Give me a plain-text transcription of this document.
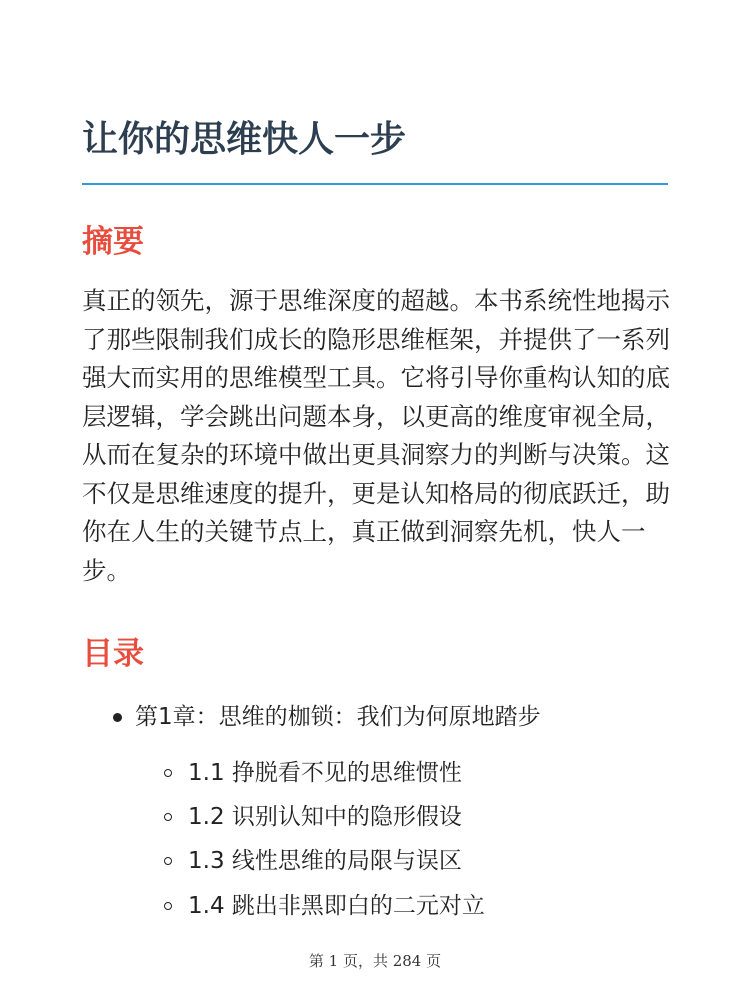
让你的思维快人一步
摘要

真正的领先，源于思维深度的超越。本书系统性地揭示了那些限制我们成长的隐形思维框架，并提供了一系列强大而实用的思维模型工具。它将引导你重构认知的底层逻辑，学会跳出问题本身，以更高的维度审视全局，从而在复杂的环境中做出更具洞察力的判断与决策。这不仅是思维速度的提升，更是认知格局的彻底跃迁，助你在人生的关键节点上，真正做到洞察先机，快人一步。

目录
第1章：思维的枷锁：我们为何原地踏步
1.1 挣脱看不见的思维惯性
1.2 识别认知中的隐形假设
1.3 线性思维的局限与误区
1.4 跳出非黑即白的二元对立
第 1 页，共 284 页
